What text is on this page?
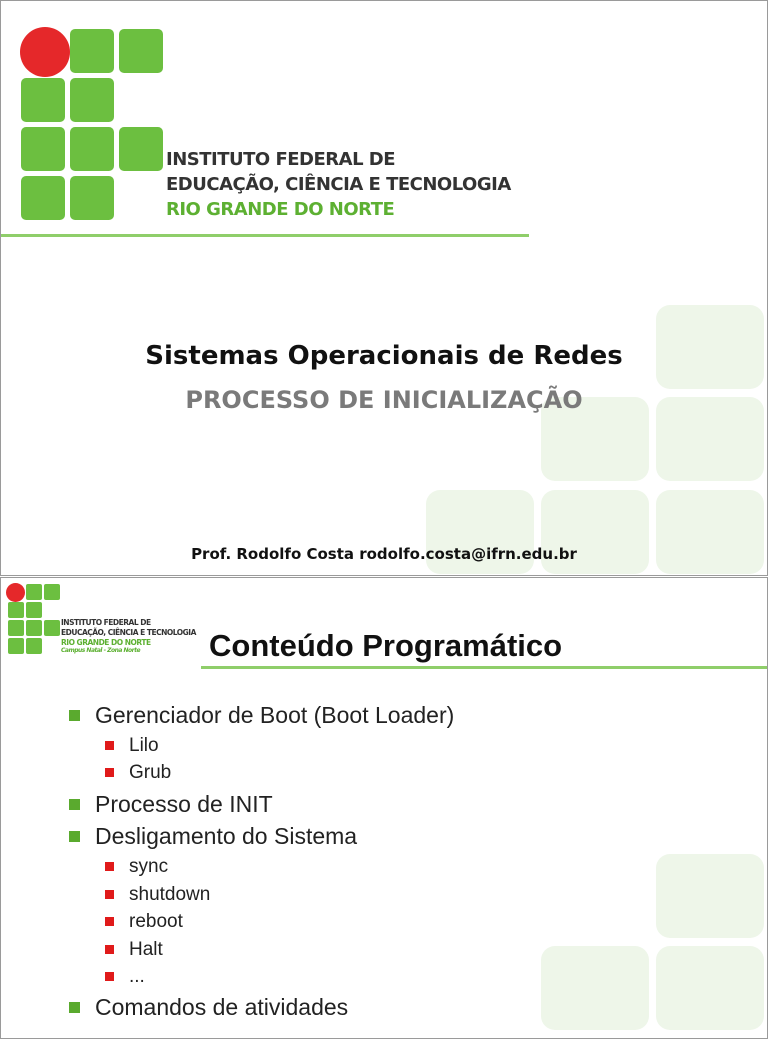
INSTITUTO FEDERAL DE
EDUCAÇÃO, CIÊNCIA E TECNOLOGIA
RIO GRANDE DO NORTE
Sistemas Operacionais de Redes
PROCESSO DE INICIALIZAÇÃO
Prof. Rodolfo Costa rodolfo.costa@ifrn.edu.br
INSTITUTO FEDERAL DE
EDUCAÇÃO, CIÊNCIA E TECNOLOGIA
RIO GRANDE DO NORTE
Campus Natal - Zona Norte Conteúdo Programático
Gerenciador de Boot (Boot Loader)
Lilo
Grub
Processo de INIT
Desligamento do Sistema
sync
shutdown
reboot
Halt
...
Comandos de atividades
